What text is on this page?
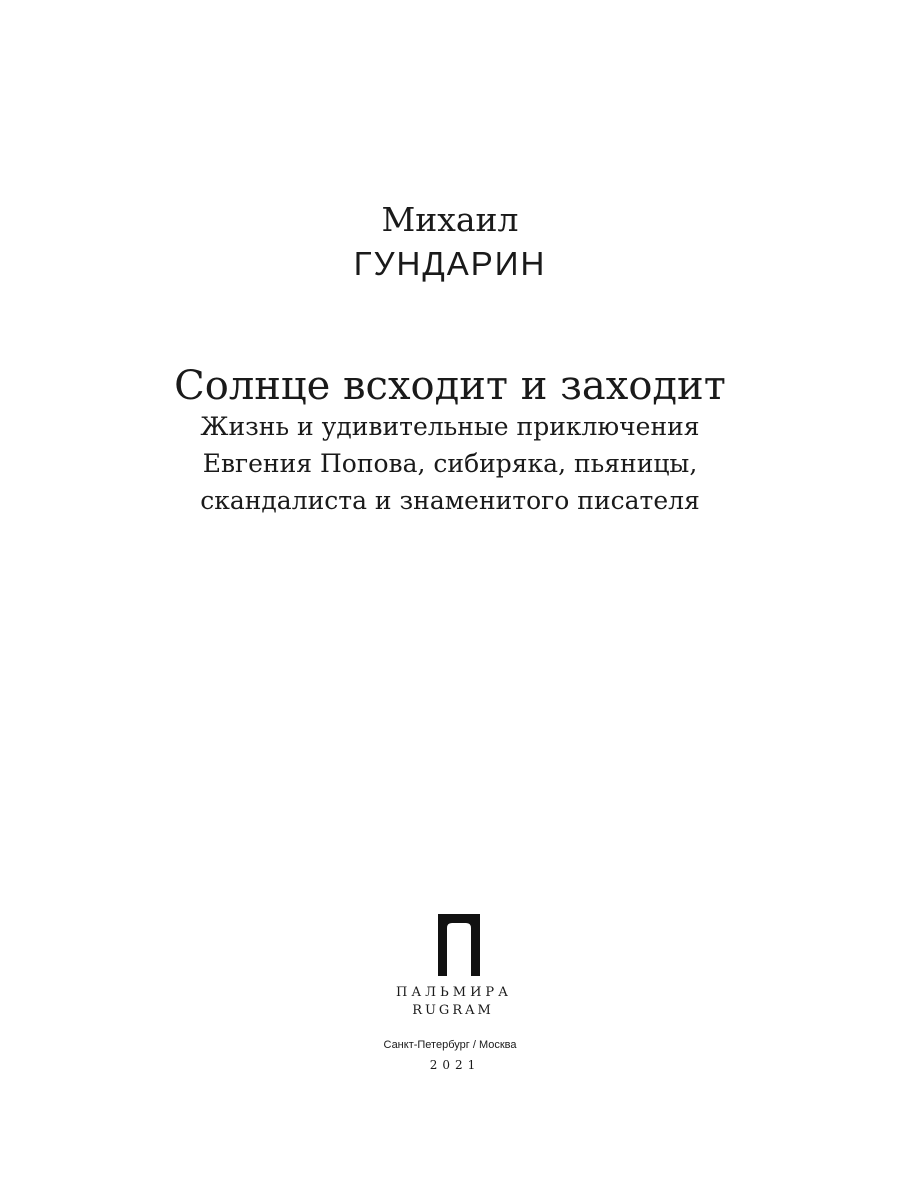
Михаил

ГУНДАРИН

Солнце всходит и заходит

Жизнь и удивительные приключения

Евгения Попова, сибиряка, пьяницы,

скандалиста и знаменитого писателя

ПАЛЬМИРА

RUGRAM

Санкт-Петербург / Москва

2021
